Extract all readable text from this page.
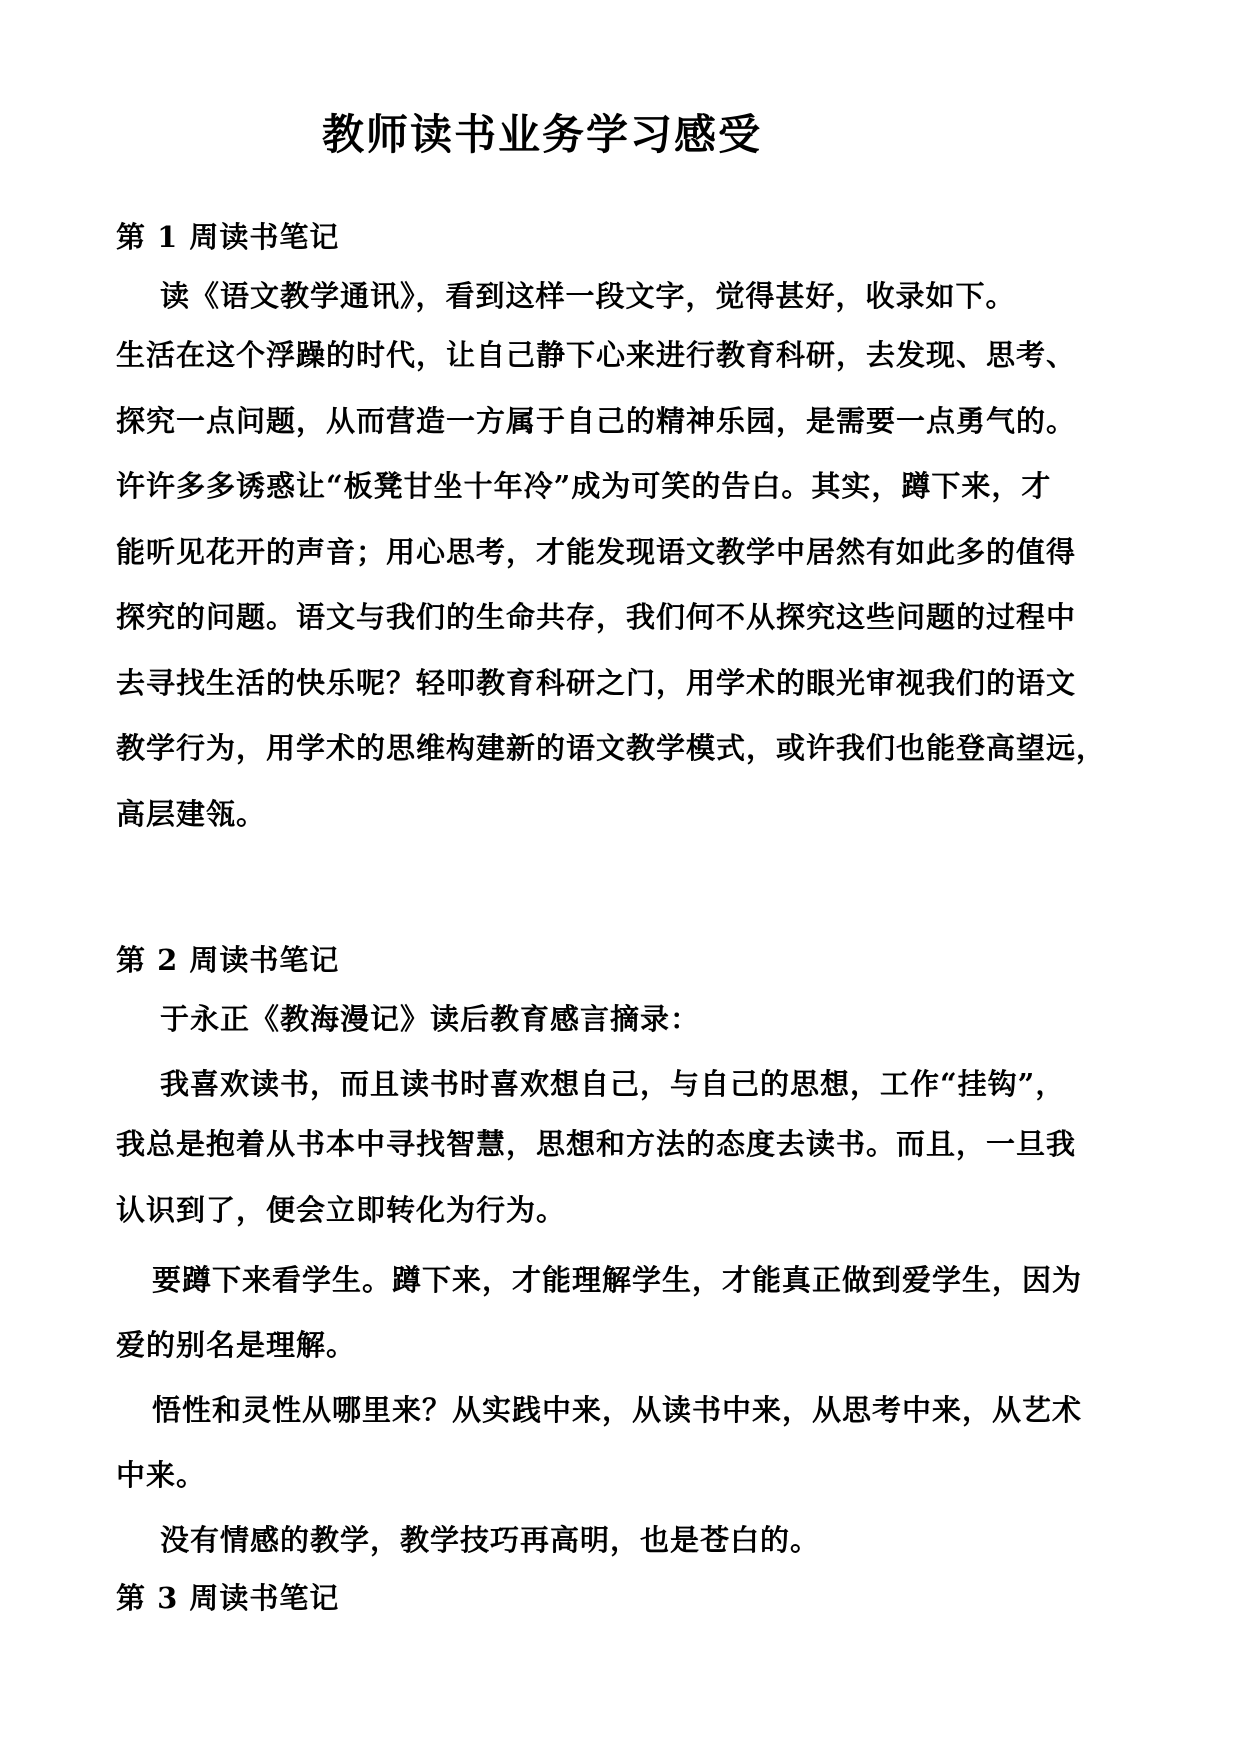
教师读书业务学习感受
第 1 周读书笔记
读《语文教学通讯》，看到这样一段文字，觉得甚好，收录如下。
生活在这个浮躁的时代，让自己静下心来进行教育科研，去发现、思考、
探究一点问题，从而营造一方属于自己的精神乐园，是需要一点勇气的。
许许多多诱惑让“板凳甘坐十年冷”成为可笑的告白。其实，蹲下来，才
能听见花开的声音；用心思考，才能发现语文教学中居然有如此多的值得
探究的问题。语文与我们的生命共存，我们何不从探究这些问题的过程中
去寻找生活的快乐呢？轻叩教育科研之门，用学术的眼光审视我们的语文
教学行为，用学术的思维构建新的语文教学模式，或许我们也能登高望远，
高层建瓴。
第 2 周读书笔记
于永正《教海漫记》读后教育感言摘录：
我喜欢读书，而且读书时喜欢想自己，与自己的思想，工作“挂钩”，
我总是抱着从书本中寻找智慧，思想和方法的态度去读书。而且，一旦我
认识到了，便会立即转化为行为。
要蹲下来看学生。蹲下来，才能理解学生，才能真正做到爱学生，因为
爱的别名是理解。
悟性和灵性从哪里来？从实践中来，从读书中来，从思考中来，从艺术
中来。
没有情感的教学，教学技巧再高明，也是苍白的。
第 3 周读书笔记
